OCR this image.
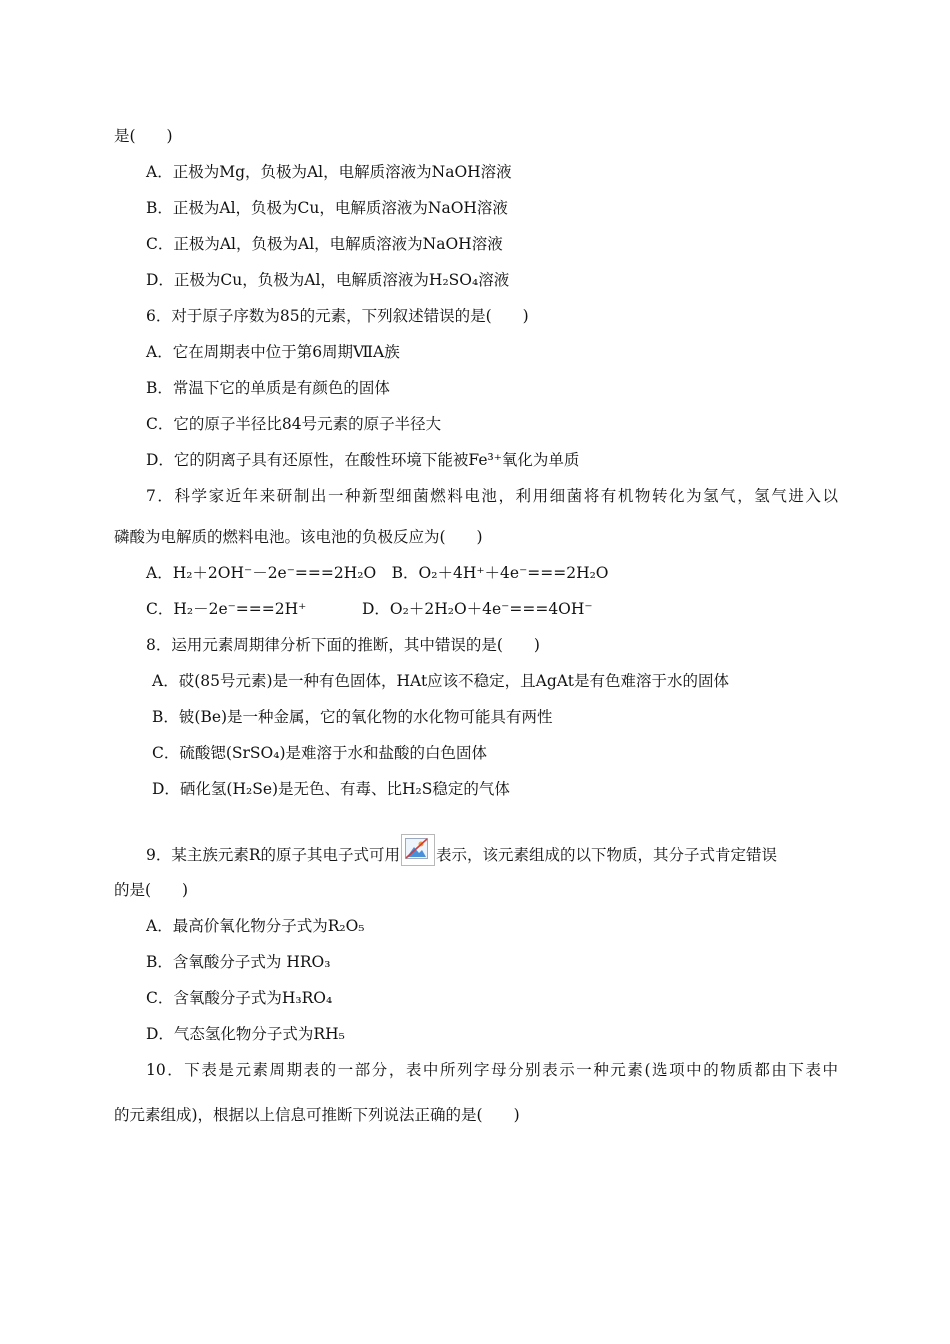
是(　　)
A．正极为Mg，负极为Al，电解质溶液为NaOH溶液
B．正极为Al，负极为Cu，电解质溶液为NaOH溶液
C．正极为Al，负极为Al，电解质溶液为NaOH溶液
D．正极为Cu，负极为Al，电解质溶液为H₂SO₄溶液
6．对于原子序数为85的元素，下列叙述错误的是(　　)
A．它在周期表中位于第6周期ⅦA族
B．常温下它的单质是有颜色的固体
C．它的原子半径比84号元素的原子半径大
D．它的阴离子具有还原性，在酸性环境下能被Fe³⁺氧化为单质
7．科学家近年来研制出一种新型细菌燃料电池，利用细菌将有机物转化为氢气，氢气进入以
磷酸为电解质的燃料电池。该电池的负极反应为(　　)
A．H₂＋2OH⁻－2e⁻===2H₂O　B．O₂＋4H⁺＋4e⁻===2H₂O
C．H₂－2e⁻===2H⁺	D．O₂＋2H₂O＋4e⁻===4OH⁻
8．运用元素周期律分析下面的推断，其中错误的是(　　)
A．砹(85号元素)是一种有色固体，HAt应该不稳定，且AgAt是有色难溶于水的固体
B．铍(Be)是一种金属，它的氧化物的水化物可能具有两性
C．硫酸锶(SrSO₄)是难溶于水和盐酸的白色固体
D．硒化氢(H₂Se)是无色、有毒、比H₂S稳定的气体
9．某主族元素R的原子其电子式可用 表示，该元素组成的以下物质，其分子式肯定错误
的是(　　)
A．最高价氧化物分子式为R₂O₅
B．含氧酸分子式为 HRO₃
C．含氧酸分子式为H₃RO₄
D．气态氢化物分子式为RH₅
10．下表是元素周期表的一部分，表中所列字母分别表示一种元素(选项中的物质都由下表中
的元素组成)，根据以上信息可推断下列说法正确的是(　　)
